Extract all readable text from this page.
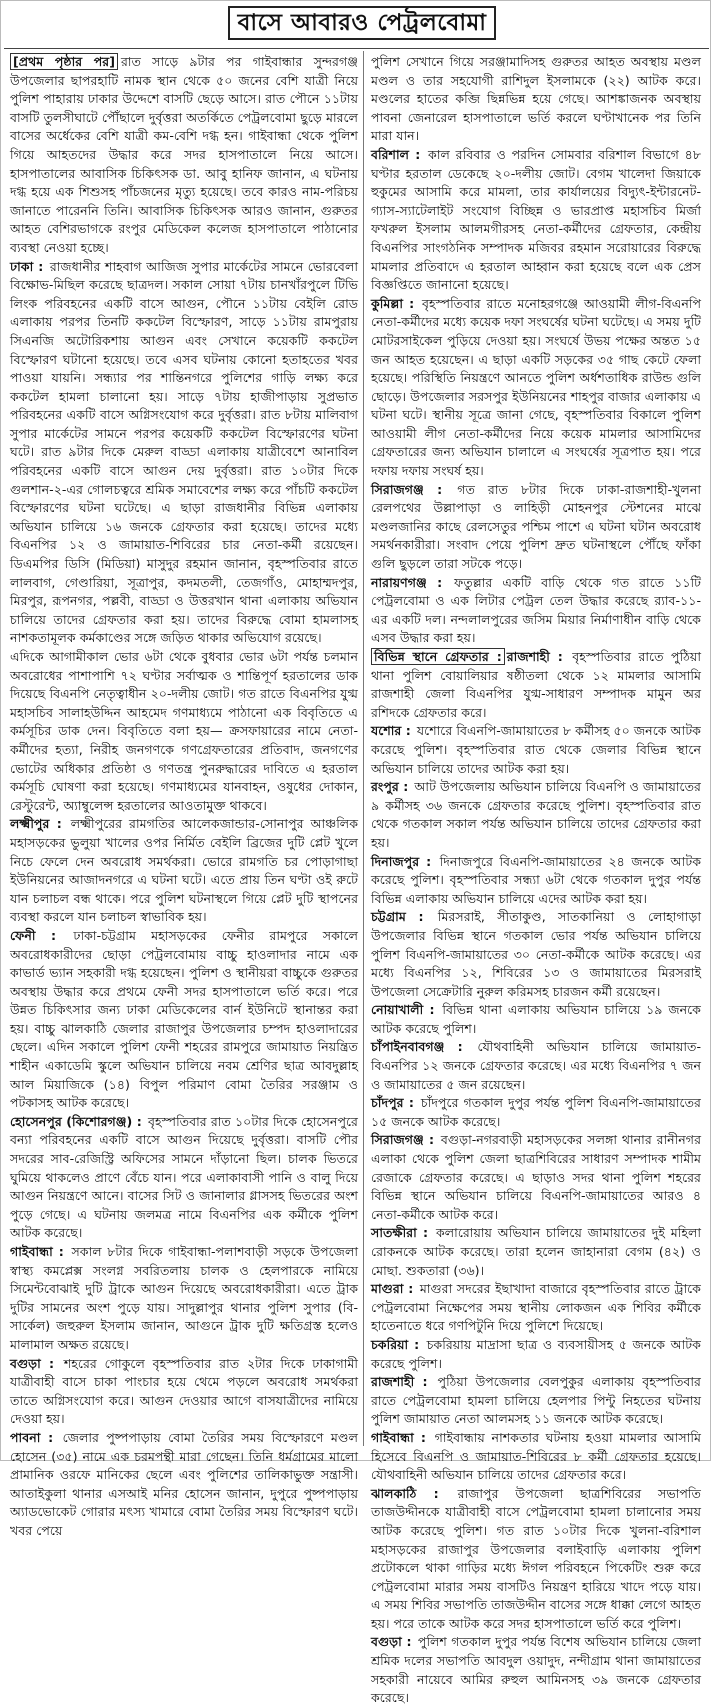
বাসে আবারও পেট্রলবোমা

[প্রথম পৃষ্ঠার পর] রাত সাড়ে ৯টার পর গাইবান্ধার সুন্দরগঞ্জ উপজেলার ছাপরহাটি নামক স্থান থেকে ৫০ জনের বেশি যাত্রী নিয়ে পুলিশ পাহারায় ঢাকার উদ্দেশে বাসটি ছেড়ে আসে। রাত পৌনে ১১টায় বাসটি তুলসীঘাটে পৌঁছালে দুর্বৃত্তরা অতর্কিতে পেট্রলবোমা ছুড়ে মারলে বাসের অর্ধেকের বেশি যাত্রী কম-বেশি দগ্ধ হন। গাইবান্ধা থেকে পুলিশ গিয়ে আহতদের উদ্ধার করে সদর হাসপাতালে নিয়ে আসে। হাসপাতালের আবাসিক চিকিৎসক ডা. আবু হানিফ জানান, এ ঘটনায় দগ্ধ হয়ে এক শিশুসহ পাঁচজনের মৃত্যু হয়েছে। তবে কারও নাম-পরিচয় জানাতে পারেননি তিনি। আবাসিক চিকিৎসক আরও জানান, গুরুতর আহত বেশিরভাগকে রংপুর মেডিকেল কলেজ হাসপাতালে পাঠানোর ব্যবস্থা নেওয়া হচ্ছে।

ঢাকা : রাজধানীর শাহবাগ আজিজ সুপার মার্কেটের সামনে ভোরবেলা বিক্ষোভ-মিছিল করেছে ছাত্রদল। সকাল সোয়া ৭টায় চানখাঁরপুলে টিভি লিংক পরিবহনের একটি বাসে আগুন, পৌনে ১১টায় বেইলি রোড এলাকায় পরপর তিনটি ককটেল বিস্ফোরণ, সাড়ে ১১টায় রামপুরায় সিএনজি অটোরিকশায় আগুন এবং সেখানে কয়েকটি ককটেল বিস্ফোরণ ঘটানো হয়েছে। তবে এসব ঘটনায় কোনো হতাহতের খবর পাওয়া যায়নি। সন্ধ্যার পর শান্তিনগরে পুলিশের গাড়ি লক্ষ্য করে ককটেল হামলা চালানো হয়। সাড়ে ৭টায় হাজীপাড়ায় সুপ্রভাত পরিবহনের একটি বাসে অগ্নিসংযোগ করে দুর্বৃত্তরা। রাত ৮টায় মালিবাগ সুপার মার্কেটের সামনে পরপর কয়েকটি ককটেল বিস্ফোরণের ঘটনা ঘটে। রাত ৯টার দিকে মেরুল বাড্ডা এলাকায় যাত্রীবেশে আনাবিল পরিবহনের একটি বাসে আগুন দেয় দুর্বৃত্তরা। রাত ১০টার দিকে গুলশান-২-এর গোলচত্বরে শ্রমিক সমাবেশের লক্ষ্য করে পাঁচটি ককটেল বিস্ফোরণের ঘটনা ঘটেছে। এ ছাড়া রাজধানীর বিভিন্ন এলাকায় অভিযান চালিয়ে ১৬ জনকে গ্রেফতার করা হয়েছে। তাদের মধ্যে বিএনপির ১২ ও জামায়াত-শিবিরের চার নেতা-কর্মী রয়েছেন। ডিএমপির ডিসি (মিডিয়া) মাসুদুর রহমান জানান, বৃহস্পতিবার রাতে লালবাগ, গেণ্ডারিয়া, সূত্রাপুর, কদমতলী, তেজগাঁও, মোহাম্মদপুর, মিরপুর, রূপনগর, পল্লবী, বাড্ডা ও উত্তরখান থানা এলাকায় অভিযান চালিয়ে তাদের গ্রেফতার করা হয়। তাদের বিরুদ্ধে বোমা হামলাসহ নাশকতামূলক কর্মকাণ্ডের সঙ্গে জড়িত থাকার অভিযোগ রয়েছে।

এদিকে আগামীকাল ভোর ৬টা থেকে বুধবার ভোর ৬টা পর্যন্ত চলমান অবরোধের পাশাপাশি ৭২ ঘণ্টার সর্বাত্মক ও শান্তিপূর্ণ হরতালের ডাক দিয়েছে বিএনপি নেতৃত্বাধীন ২০-দলীয় জোট। গত রাতে বিএনপির যুগ্ম মহাসচিব সালাহউদ্দিন আহমেদ গণমাধ্যমে পাঠানো এক বিবৃতিতে এ কর্মসূচির ডাক দেন। বিবৃতিতে বলা হয়— ক্রসফায়ারের নামে নেতা-কর্মীদের হত্যা, নিরীহ জনগণকে গণগ্রেফতারের প্রতিবাদ, জনগণের ভোটের অধিকার প্রতিষ্ঠা ও গণতন্ত্র পুনরুদ্ধারের দাবিতে এ হরতাল কর্মসূচি ঘোষণা করা হয়েছে। গণমাধ্যমের যানবাহন, ওষুধের দোকান, রেস্টুরেন্ট, অ্যাম্বুলেন্স হরতালের আওতামুক্ত থাকবে।

লক্ষ্মীপুর : লক্ষ্মীপুরের রামগতির আলেকজান্ডার-সোনাপুর আঞ্চলিক মহাসড়কের ভুলুয়া খালের ওপর নির্মিত বেইলি ব্রিজের দুটি প্লেট খুলে নিচে ফেলে দেন অবরোধ সমর্থকরা। ভোরে রামগতি চর পোড়াগাছা ইউনিয়নের আজাদনগরে এ ঘটনা ঘটে। এতে প্রায় তিন ঘণ্টা ওই রুটে যান চলাচল বন্ধ থাকে। পরে পুলিশ ঘটনাস্থলে গিয়ে প্লেট দুটি স্থাপনের ব্যবস্থা করলে যান চলাচল স্বাভাবিক হয়।

ফেনী : ঢাকা-চট্টগ্রাম মহাসড়কের ফেনীর রামপুরে সকালে অবরোধকারীদের ছোড়া পেট্রলবোমায় বাচ্চু হাওলাদার নামে এক কাভার্ড ভ্যান সহকারী দগ্ধ হয়েছেন। পুলিশ ও স্থানীয়রা বাচ্চুকে গুরুতর অবস্থায় উদ্ধার করে প্রথমে ফেনী সদর হাসপাতালে ভর্তি করে। পরে উন্নত চিকিৎসার জন্য ঢাকা মেডিকেলের বার্ন ইউনিটে স্থানান্তর করা হয়। বাচ্চু ঝালকাঠি জেলার রাজাপুর উপজেলার চম্পদ হাওলাদারের ছেলে। এদিন সকালে পুলিশ ফেনী শহরের রামপুরে জামায়াত নিয়ন্ত্রিত শাহীন একাডেমি স্কুলে অভিযান চালিয়ে নবম শ্রেণির ছাত্র আবদুল্লাহ আল মিয়াজিকে (১৪) বিপুল পরিমাণ বোমা তৈরির সরঞ্জাম ও পটকাসহ আটক করেছে।

হোসেনপুর (কিশোরগঞ্জ) : বৃহস্পতিবার রাত ১০টার দিকে হোসেনপুরে বন্যা পরিবহনের একটি বাসে আগুন দিয়েছে দুর্বৃত্তরা। বাসটি পৌর সদরের সাব-রেজিস্ট্রি অফিসের সামনে দাঁড়ানো ছিল। চালক ভিতরে ঘুমিয়ে থাকলেও প্রাণে বেঁচে যান। পরে এলাকাবাসী পানি ও বালু দিয়ে আগুন নিয়ন্ত্রণে আনে। বাসের সিট ও জানালার গ্লাসসহ ভিতরের অংশ পুড়ে গেছে। এ ঘটনায় জলমত্র নামে বিএনপির এক কর্মীকে পুলিশ আটক করেছে।

গাইবান্ধা : সকাল ৮টার দিকে গাইবান্ধা-পলাশবাড়ী সড়কে উপজেলা স্বাস্থ্য কমপ্লেক্স সংলগ্ন সবরিতলায় চালক ও হেলপারকে নামিয়ে সিমেন্টবোঝাই দুটি ট্রাকে আগুন দিয়েছে অবরোধকারীরা। এতে ট্রাক দুটির সামনের অংশ পুড়ে যায়। সাদুল্লাপুর থানার পুলিশ সুপার (বি-সার্কেল) জহুরুল ইসলাম জানান, আগুনে ট্রাক দুটি ক্ষতিগ্রস্ত হলেও মালামাল অক্ষত রয়েছে।

বগুড়া : শহরের গোকুলে বৃহস্পতিবার রাত ২টার দিকে ঢাকাগামী যাত্রীবাহী বাসে চাকা পাংচার হয়ে থেমে পড়লে অবরোধ সমর্থকরা তাতে অগ্নিসংযোগ করে। আগুন দেওয়ার আগে বাসযাত্রীদের নামিয়ে দেওয়া হয়।

পাবনা : জেলার পুষ্পপাড়ায় বোমা তৈরির সময় বিস্ফোরণে মণ্ডল হোসেন (৩৫) নামে এক চরমপন্থী মারা গেছেন। তিনি ধর্মগ্রামের মালো প্রামানিক ওরফে মানিকের ছেলে এবং পুলিশের তালিকাভুক্ত সন্ত্রাসী। আতাইকুলা থানার এসআই মনির হোসেন জানান, দুপুরে পুষ্পপাড়ায় অ্যাডভোকেট গোরার মৎস্য খামারে বোমা তৈরির সময় বিস্ফোরণ ঘটে। খবর পেয়ে

পুলিশ সেখানে গিয়ে সরঞ্জামাদিসহ গুরুতর আহত অবস্থায় মণ্ডল মণ্ডল ও তার সহযোগী রাশিদুল ইসলামকে (২২) আটক করে। মণ্ডলের হাতের কব্জি ছিন্নভিন্ন হয়ে গেছে। আশঙ্কাজনক অবস্থায় পাবনা জেনারেল হাসপাতালে ভর্তি করলে ঘণ্টাখানেক পর তিনি মারা যান।

বরিশাল : কাল রবিবার ও পরদিন সোমবার বরিশাল বিভাগে ৪৮ ঘণ্টার হরতাল ডেকেছে ২০-দলীয় জোট। বেগম খালেদা জিয়াকে হুকুমের আসামি করে মামলা, তার কার্যালয়ের বিদ্যুৎ-ইন্টারনেট-গ্যাস-স্যাটেলাইট সংযোগ বিচ্ছিন্ন ও ভারপ্রাপ্ত মহাসচিব মির্জা ফখরুল ইসলাম আলমগীরসহ নেতা-কর্মীদের গ্রেফতার, কেন্দ্রীয় বিএনপির সাংগঠনিক সম্পাদক মজিবর রহমান সরোয়ারের বিরুদ্ধে মামলার প্রতিবাদে এ হরতাল আহ্বান করা হয়েছে বলে এক প্রেস বিজ্ঞপ্তিতে জানানো হয়েছে।

কুমিল্লা : বৃহস্পতিবার রাতে মনোহরগঞ্জে আওয়ামী লীগ-বিএনপি নেতা-কর্মীদের মধ্যে কয়েক দফা সংঘর্ষের ঘটনা ঘটেছে। এ সময় দুটি মোটরসাইকেল পুড়িয়ে দেওয়া হয়। সংঘর্ষে উভয় পক্ষের অন্তত ১৫ জন আহত হয়েছেন। এ ছাড়া একটি সড়কের ৩৫ গাছ কেটে ফেলা হয়েছে। পরিস্থিতি নিয়ন্ত্রণে আনতে পুলিশ অর্ধশতাধিক রাউন্ড গুলি ছোড়ে। উপজেলার সরসপুর ইউনিয়নের শাহপুর বাজার এলাকায় এ ঘটনা ঘটে। স্থানীয় সূত্রে জানা গেছে, বৃহস্পতিবার বিকালে পুলিশ আওয়ামী লীগ নেতা-কর্মীদের নিয়ে কয়েক মামলার আসামিদের গ্রেফতারের জন্য অভিযান চালালে এ সংঘর্ষের সূত্রপাত হয়। পরে দফায় দফায় সংঘর্ষ হয়।

সিরাজগঞ্জ : গত রাত ৮টার দিকে ঢাকা-রাজশাহী-খুলনা রেলপথের উল্লাপাড়া ও লাহিড়ী মোহনপুর স্টেশনের মাঝে মণ্ডলজানির কাছে রেলসেতুর পশ্চিম পাশে এ ঘটনা ঘটান অবরোধ সমর্থনকারীরা। সংবাদ পেয়ে পুলিশ দ্রুত ঘটনাস্থলে পৌঁছে ফাঁকা গুলি ছুড়লে তারা সটকে পড়ে।

নারায়ণগঞ্জ : ফতুল্লার একটি বাড়ি থেকে গত রাতে ১১টি পেট্রলবোমা ও এক লিটার পেট্রল তেল উদ্ধার করেছে র‍্যাব-১১-এর একটি দল। নন্দলালপুরের জসিম মিয়ার নির্মাণাধীন বাড়ি থেকে এসব উদ্ধার করা হয়।

বিভিন্ন স্থানে গ্রেফতার : রাজশাহী : বৃহস্পতিবার রাতে পুঠিয়া থানা পুলিশ বোয়ালিয়ার ষষ্ঠীতলা থেকে ১২ মামলার আসামি রাজশাহী জেলা বিএনপির যুগ্ম-সাধারণ সম্পাদক মামুন অর রশিদকে গ্রেফতার করে।

যশোর : যশোরে বিএনপি-জামায়াতের ৮ কর্মীসহ ৫০ জনকে আটক করেছে পুলিশ। বৃহস্পতিবার রাত থেকে জেলার বিভিন্ন স্থানে অভিযান চালিয়ে তাদের আটক করা হয়।

রংপুর : আট উপজেলায় অভিযান চালিয়ে বিএনপি ও জামায়াতের ৯ কর্মীসহ ৩৬ জনকে গ্রেফতার করেছে পুলিশ। বৃহস্পতিবার রাত থেকে গতকাল সকাল পর্যন্ত অভিযান চালিয়ে তাদের গ্রেফতার করা হয়।

দিনাজপুর : দিনাজপুরে বিএনপি-জামায়াতের ২৪ জনকে আটক করেছে পুলিশ। বৃহস্পতিবার সন্ধ্যা ৬টা থেকে গতকাল দুপুর পর্যন্ত বিভিন্ন এলাকায় অভিযান চালিয়ে এদের আটক করা হয়।

চট্টগ্রাম : মিরসরাই, সীতাকুণ্ড, সাতকানিয়া ও লোহাগাড়া উপজেলার বিভিন্ন স্থানে গতকাল ভোর পর্যন্ত অভিযান চালিয়ে পুলিশ বিএনপি-জামায়াতের ৩০ নেতা-কর্মীকে আটক করেছে। এর মধ্যে বিএনপির ১২, শিবিরের ১৩ ও জামায়াতের মিরসরাই উপজেলা সেক্রেটারি নুরুল করিমসহ চারজন কর্মী রয়েছেন।

নোয়াখালী : বিভিন্ন থানা এলাকায় অভিযান চালিয়ে ১৯ জনকে আটক করেছে পুলিশ।

চাঁপাইনবাবগঞ্জ : যৌথবাহিনী অভিযান চালিয়ে জামায়াত-বিএনপির ১২ জনকে গ্রেফতার করেছে। এর মধ্যে বিএনপির ৭ জন ও জামায়াতের ৫ জন রয়েছেন।

চাঁদপুর : চাঁদপুরে গতকাল দুপুর পর্যন্ত পুলিশ বিএনপি-জামায়াতের ১৫ জনকে আটক করেছে।

সিরাজগঞ্জ : বগুড়া-নগরবাড়ী মহাসড়কের সলঙ্গা থানার রানীনগর এলাকা থেকে পুলিশ জেলা ছাত্রশিবিরের সাধারণ সম্পাদক শামীম রেজাকে গ্রেফতার করেছে। এ ছাড়াও সদর থানা পুলিশ শহরের বিভিন্ন স্থানে অভিযান চালিয়ে বিএনপি-জামায়াতের আরও ৪ নেতা-কর্মীকে আটক করে।

সাতক্ষীরা : কলারোয়ায় অভিযান চালিয়ে জামায়াতের দুই মহিলা রোকনকে আটক করেছে। তারা হলেন জাহানারা বেগম (৪২) ও মোছা. শুকতারা (৩৬)।

মাগুরা : মাগুরা সদরের ইছাখাদা বাজারে বৃহস্পতিবার রাতে ট্রাকে পেট্রলবোমা নিক্ষেপের সময় স্থানীয় লোকজন এক শিবির কর্মীকে হাতেনাতে ধরে গণপিটুনি দিয়ে পুলিশে দিয়েছে।

চকরিয়া : চকরিয়ায় মাদ্রাসা ছাত্র ও ব্যবসায়ীসহ ৫ জনকে আটক করেছে পুলিশ।

রাজশাহী : পুঠিয়া উপজেলার বেলপুকুর এলাকায় বৃহস্পতিবার রাতে পেট্রলবোমা হামলা চালিয়ে হেলপার পিন্টু নিহতের ঘটনায় পুলিশ জামায়াত নেতা আলমসহ ১১ জনকে আটক করেছে।

গাইবান্ধা : গাইবান্ধায় নাশকতার ঘটনায় হওয়া মামলার আসামি হিসেবে বিএনপি ও জামায়াত-শিবিরের ৮ কর্মী গ্রেফতার হয়েছে। যৌথবাহিনী অভিযান চালিয়ে তাদের গ্রেফতার করে।

ঝালকাঠি : রাজাপুর উপজেলা ছাত্রশিবিরের সভাপতি তাজউদ্দীনকে যাত্রীবাহী বাসে পেট্রলবোমা হামলা চালানোর সময় আটক করেছে পুলিশ। গত রাত ১০টার দিকে খুলনা-বরিশাল মহাসড়কের রাজাপুর উপজেলার বলাইবাড়ি এলাকায় পুলিশ প্রটোকলে থাকা গাড়ির মধ্যে ঈগল পরিবহনে পিকেটিং শুরু করে পেট্রলবোমা মারার সময় বাসটিও নিয়ন্ত্রণ হারিয়ে খাদে পড়ে যায়। এ সময় শিবির সভাপতি তাজউদ্দীন বাসের সঙ্গে ধাক্কা লেগে আহত হয়। পরে তাকে আটক করে সদর হাসপাতালে ভর্তি করে পুলিশ।

বগুড়া : পুলিশ গতকাল দুপুর পর্যন্ত বিশেষ অভিযান চালিয়ে জেলা শ্রমিক দলের সভাপতি আবদুল ওয়াদুদ, নন্দীগ্রাম থানা জামায়াতের সহকারী নায়েবে আমির রুহুল আমিনসহ ৩৯ জনকে গ্রেফতার করেছে।
